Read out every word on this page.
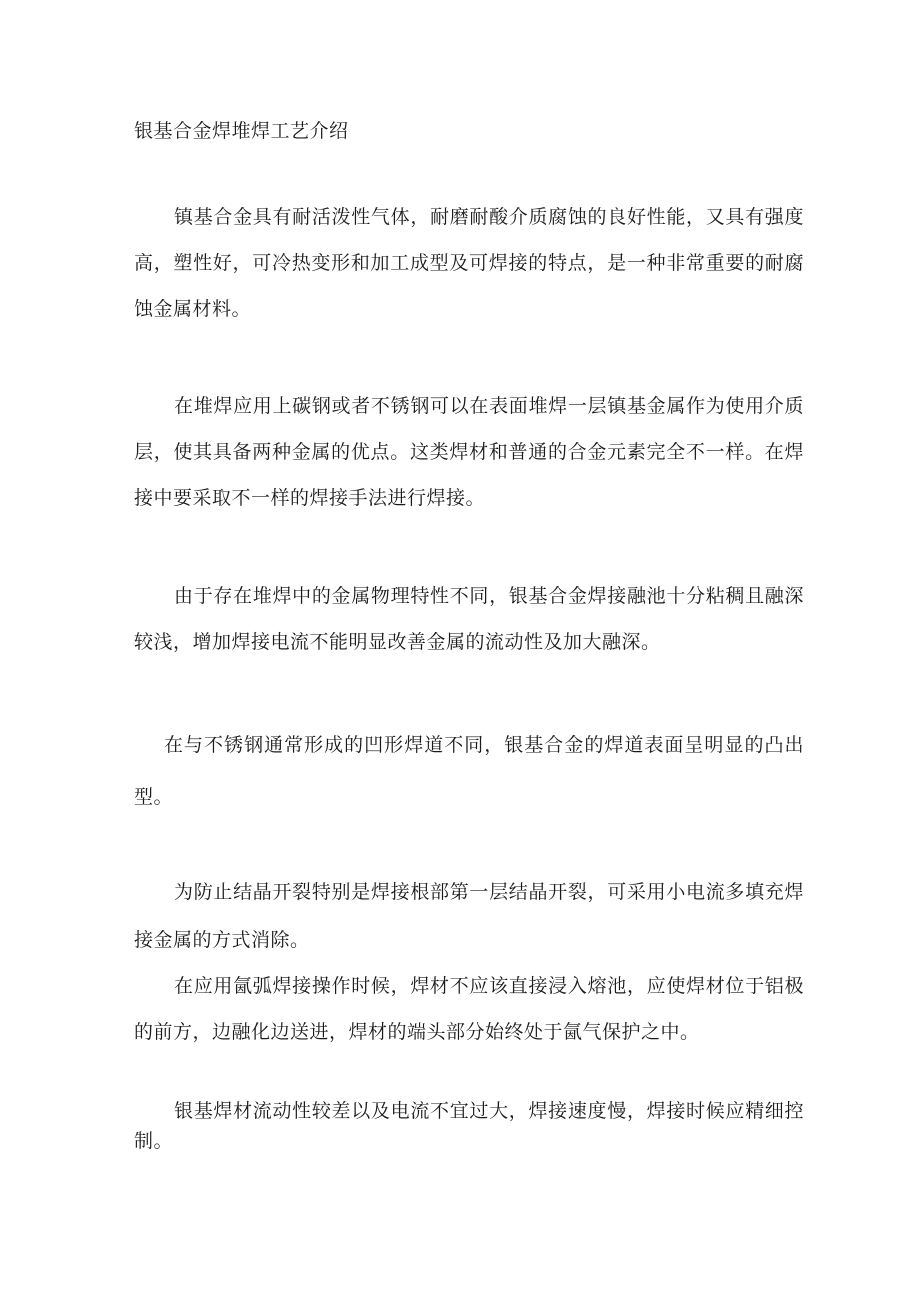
银基合金焊堆焊工艺介绍

镇基合金具有耐活泼性气体，耐磨耐酸介质腐蚀的良好性能，又具有强度高，塑性好，可冷热变形和加工成型及可焊接的特点，是一种非常重要的耐腐蚀金属材料。

在堆焊应用上碳钢或者不锈钢可以在表面堆焊一层镇基金属作为使用介质层，使其具备两种金属的优点。这类焊材和普通的合金元素完全不一样。在焊接中要采取不一样的焊接手法进行焊接。

由于存在堆焊中的金属物理特性不同，银基合金焊接融池十分粘稠且融深较浅，增加焊接电流不能明显改善金属的流动性及加大融深。

在与不锈钢通常形成的凹形焊道不同，银基合金的焊道表面呈明显的凸出型。

为防止结晶开裂特别是焊接根部第一层结晶开裂，可采用小电流多填充焊接金属的方式消除。

在应用氤弧焊接操作时候，焊材不应该直接浸入熔池，应使焊材位于铝极的前方，边融化边送进，焊材的端头部分始终处于氤气保护之中。

银基焊材流动性较差以及电流不宜过大，焊接速度慢，焊接时候应精细控制。
